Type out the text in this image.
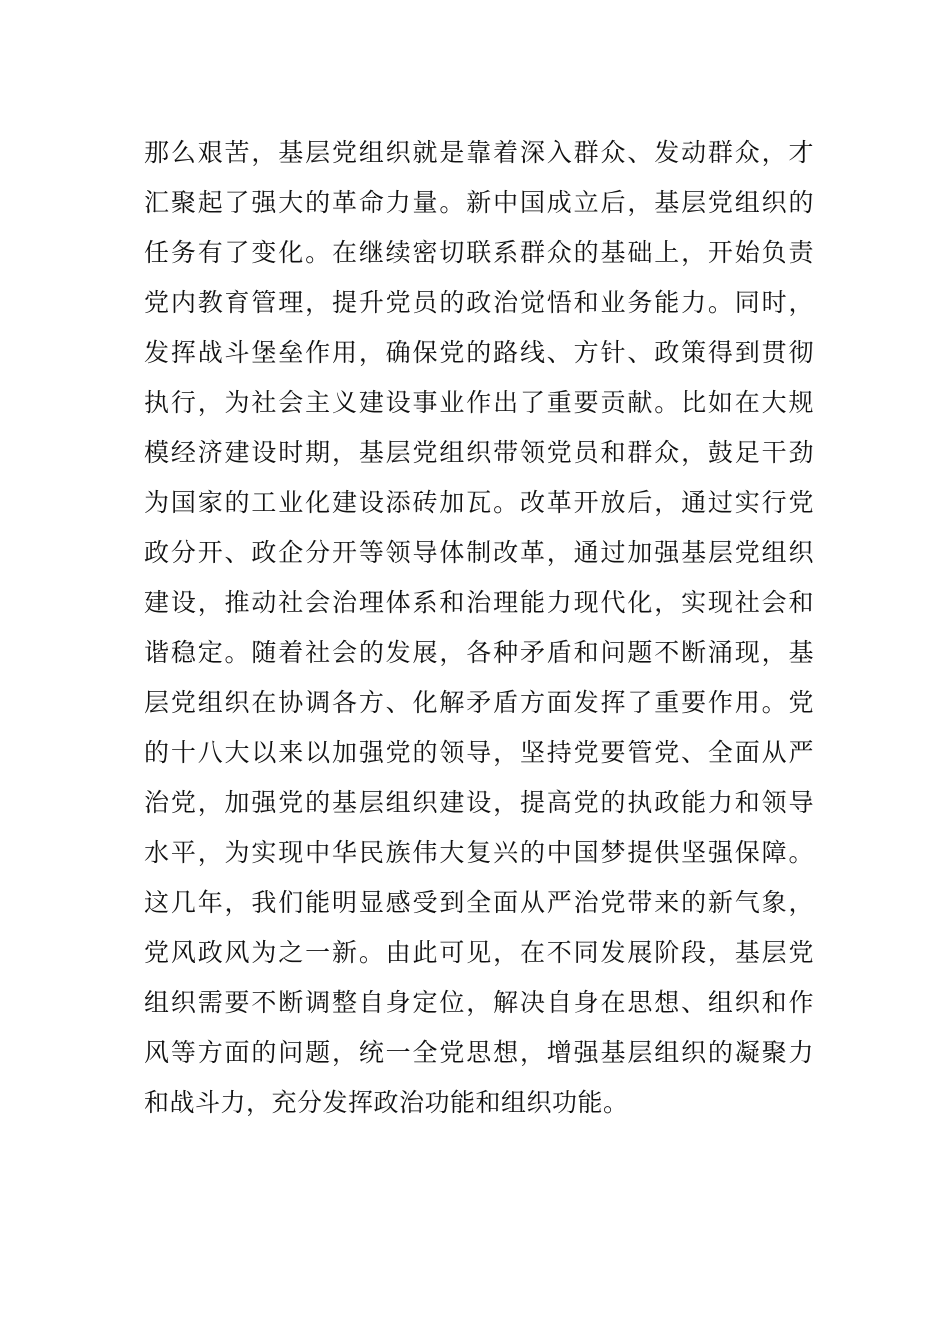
那么艰苦，基层党组织就是靠着深入群众、发动群众，才
汇聚起了强大的革命力量。新中国成立后，基层党组织的
任务有了变化。在继续密切联系群众的基础上，开始负责
党内教育管理，提升党员的政治觉悟和业务能力。同时，
发挥战斗堡垒作用，确保党的路线、方针、政策得到贯彻
执行，为社会主义建设事业作出了重要贡献。比如在大规
模经济建设时期，基层党组织带领党员和群众，鼓足干劲
为国家的工业化建设添砖加瓦。改革开放后，通过实行党
政分开、政企分开等领导体制改革，通过加强基层党组织
建设，推动社会治理体系和治理能力现代化，实现社会和
谐稳定。随着社会的发展，各种矛盾和问题不断涌现，基
层党组织在协调各方、化解矛盾方面发挥了重要作用。党
的十八大以来以加强党的领导，坚持党要管党、全面从严
治党，加强党的基层组织建设，提高党的执政能力和领导
水平，为实现中华民族伟大复兴的中国梦提供坚强保障。
这几年，我们能明显感受到全面从严治党带来的新气象，
党风政风为之一新。由此可见，在不同发展阶段，基层党
组织需要不断调整自身定位，解决自身在思想、组织和作
风等方面的问题，统一全党思想，增强基层组织的凝聚力
和战斗力，充分发挥政治功能和组织功能。
